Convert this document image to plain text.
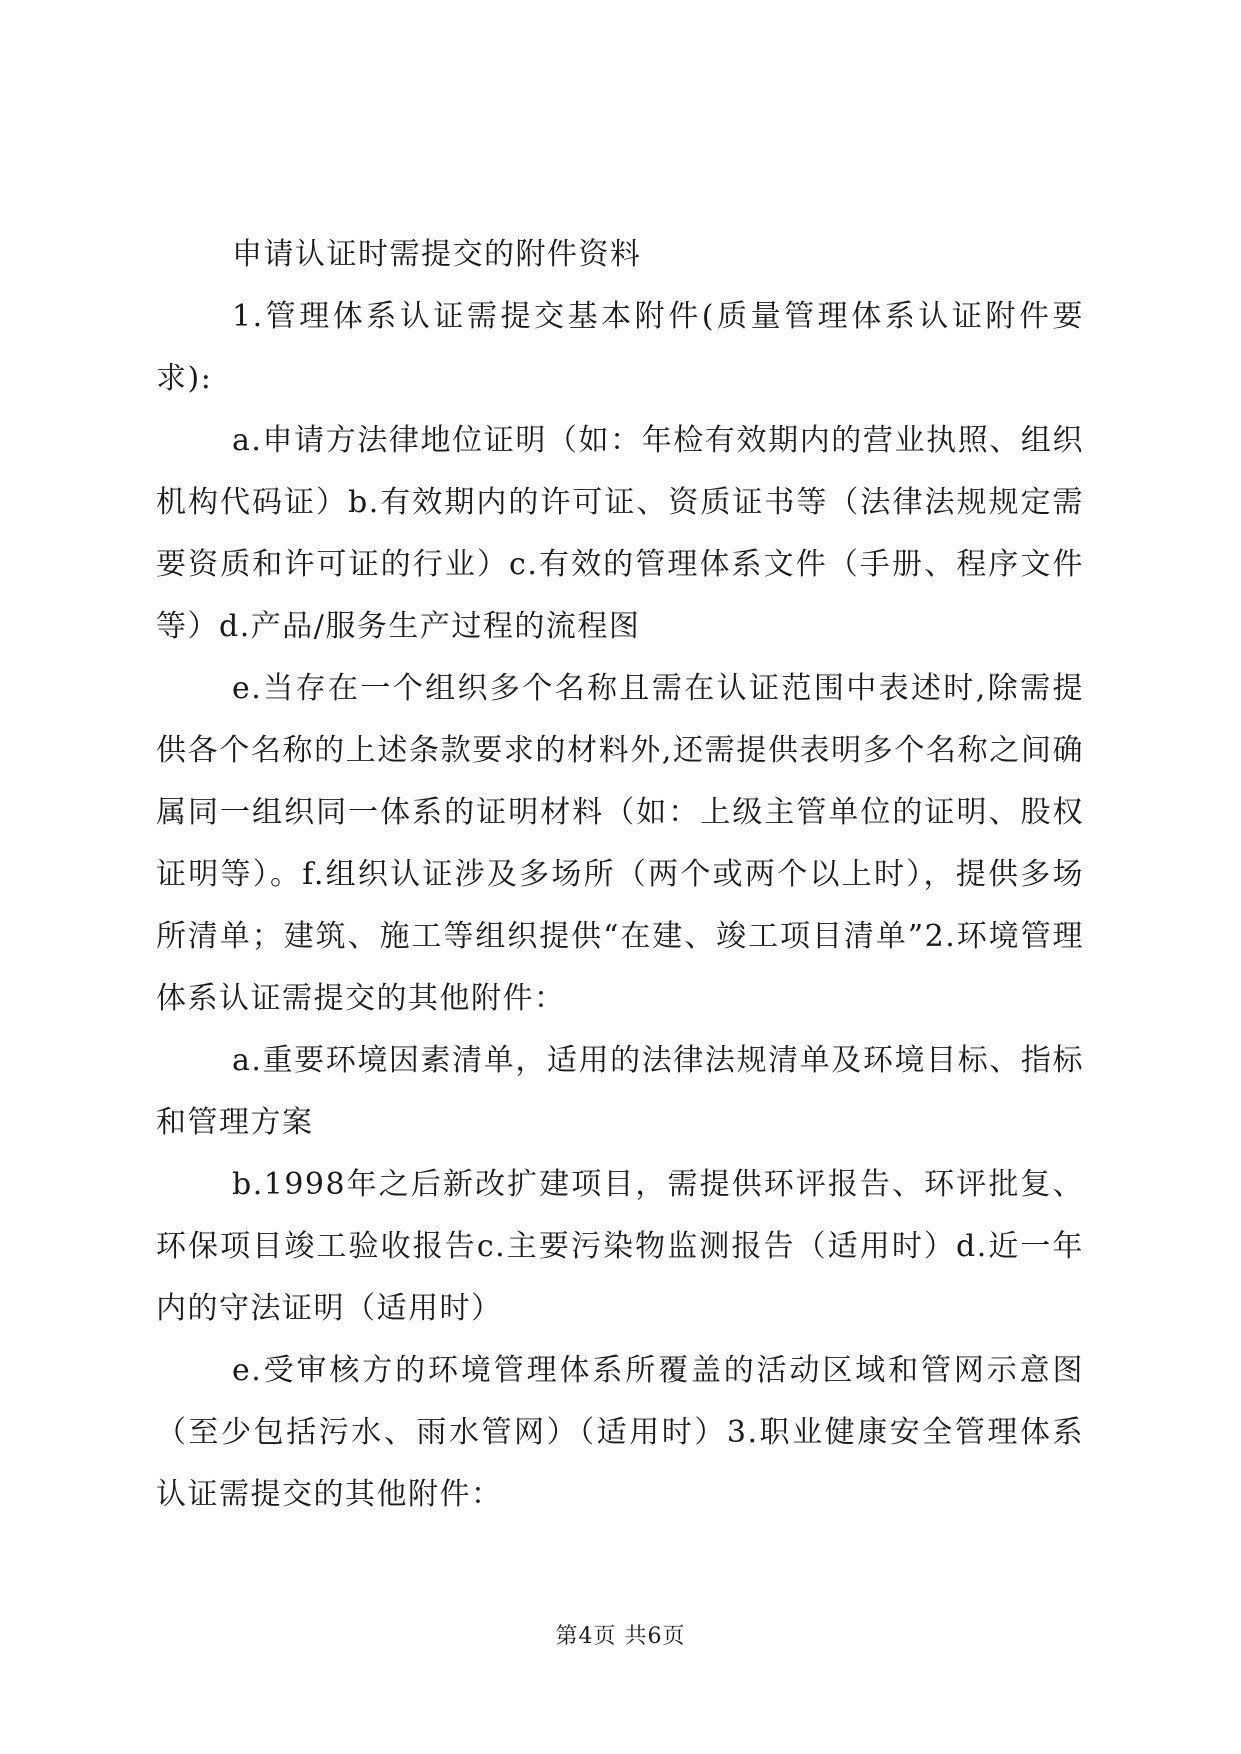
申请认证时需提交的附件资料

1.管理体系认证需提交基本附件(质量管理体系认证附件要求):

a.申请方法律地位证明（如：年检有效期内的营业执照、组织机构代码证）b.有效期内的许可证、资质证书等（法律法规规定需要资质和许可证的行业）c.有效的管理体系文件（手册、程序文件等）d.产品/服务生产过程的流程图

e.当存在一个组织多个名称且需在认证范围中表述时,除需提供各个名称的上述条款要求的材料外,还需提供表明多个名称之间确属同一组织同一体系的证明材料（如：上级主管单位的证明、股权证明等）。f.组织认证涉及多场所（两个或两个以上时），提供多场所清单；建筑、施工等组织提供“在建、竣工项目清单”2.环境管理体系认证需提交的其他附件：

a.重要环境因素清单，适用的法律法规清单及环境目标、指标和管理方案

b.1998年之后新改扩建项目，需提供环评报告、环评批复、环保项目竣工验收报告c.主要污染物监测报告（适用时）d.近一年内的守法证明（适用时）

e.受审核方的环境管理体系所覆盖的活动区域和管网示意图（至少包括污水、雨水管网）（适用时）3.职业健康安全管理体系认证需提交的其他附件：

第4页 共6页
